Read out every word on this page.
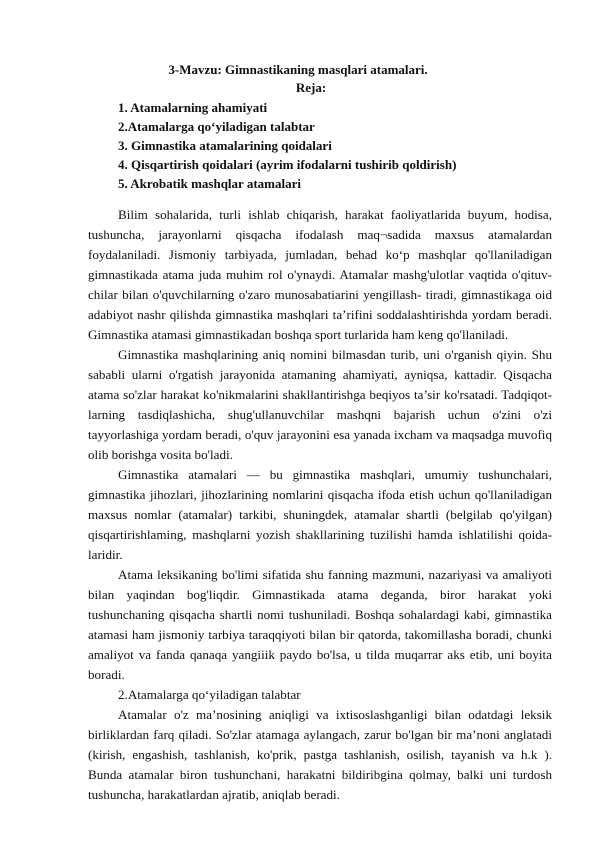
3-Mavzu: Gimnastikaning masqlari atamalari.
Reja:
1. Atamalarning ahamiyati
2.Atamalarga qo‘yiladigan talabtar
3. Gimnastika atamalarining qoidalari
4. Qisqartirish qoidalari (ayrim ifodalarni tushirib qoldirish)
5. Akrobatik mashqlar atamalari

Bilim sohalarida, turli ishlab chiqarish, harakat faoliyatlarida buyum, hodisa, tushuncha, jarayonlarni qisqacha ifodalash maq¬sadida maxsus atamalardan foydalaniladi. Jismoniy tarbiyada, jumladan, behad ko‘p mashqlar qo'llaniladigan gimnastikada atama juda muhim rol o'ynaydi. Atamalar mashg'ulotlar vaqtida o'qituv- chilar bilan o'quvchilarning o'zaro munosabatiarini yengillash- tiradi, gimnastikaga oid adabiyot nashr qilishda gimnastika mashqlari ta’rifini soddalashtirishda yordam beradi. Gimnastika atamasi gimnastikadan boshqa sport turlarida ham keng qo'llaniladi.

Gimnastika mashqlarining aniq nomini bilmasdan turib, uni o'rganish qiyin. Shu sababli ularni o'rgatish jarayonida atamaning ahamiyati, ayniqsa, kattadir. Qisqacha atama so'zlar harakat ko'nikmalarini shakllantirishga beqiyos ta’sir ko'rsatadi. Tadqiqot- larning tasdiqlashicha, shug'ullanuvchilar mashqni bajarish uchun o'zini o'zi tayyorlashiga yordam beradi, o'quv jarayonini esa yanada ixcham va maqsadga muvofiq olib borishga vosita bo'ladi.

Gimnastika atamalari — bu gimnastika mashqlari, umumiy tushunchalari, gimnastika jihozlari, jihozlarining nomlarini qisqacha ifoda etish uchun qo'llaniladigan maxsus nomlar (atamalar) tarkibi, shuningdek, atamalar shartli (belgilab qo'yilgan) qisqartirishlaming, mashqlarni yozish shakllarining tuzilishi hamda ishlatilishi qoida- laridir.

Atama leksikaning bo'limi sifatida shu fanning mazmuni, nazariyasi va amaliyoti bilan yaqindan bog'liqdir. Gimnastikada atama deganda, biror harakat yoki tushunchaning qisqacha shartli nomi tushuniladi. Boshqa sohalardagi kabi, gimnastika atamasi ham jismoniy tarbiya taraqqiyoti bilan bir qatorda, takomillasha boradi, chunki amaliyot va fanda qanaqa yangiiik paydo bo'lsa, u tilda muqarrar aks etib, uni boyita boradi.

2.Atamalarga qo‘yiladigan talabtar

Atamalar o'z ma’nosining aniqligi va ixtisoslashganligi bilan odatdagi leksik birliklardan farq qiladi. So'zlar atamaga aylangach, zarur bo'lgan bir ma’noni anglatadi (kirish, engashish, tashlanish, ko'prik, pastga tashlanish, osilish, tayanish va h.k ). Bunda atamalar biron tushunchani, harakatni bildiribgina qolmay, balki uni turdosh tushuncha, harakatlardan ajratib, aniqlab beradi.
